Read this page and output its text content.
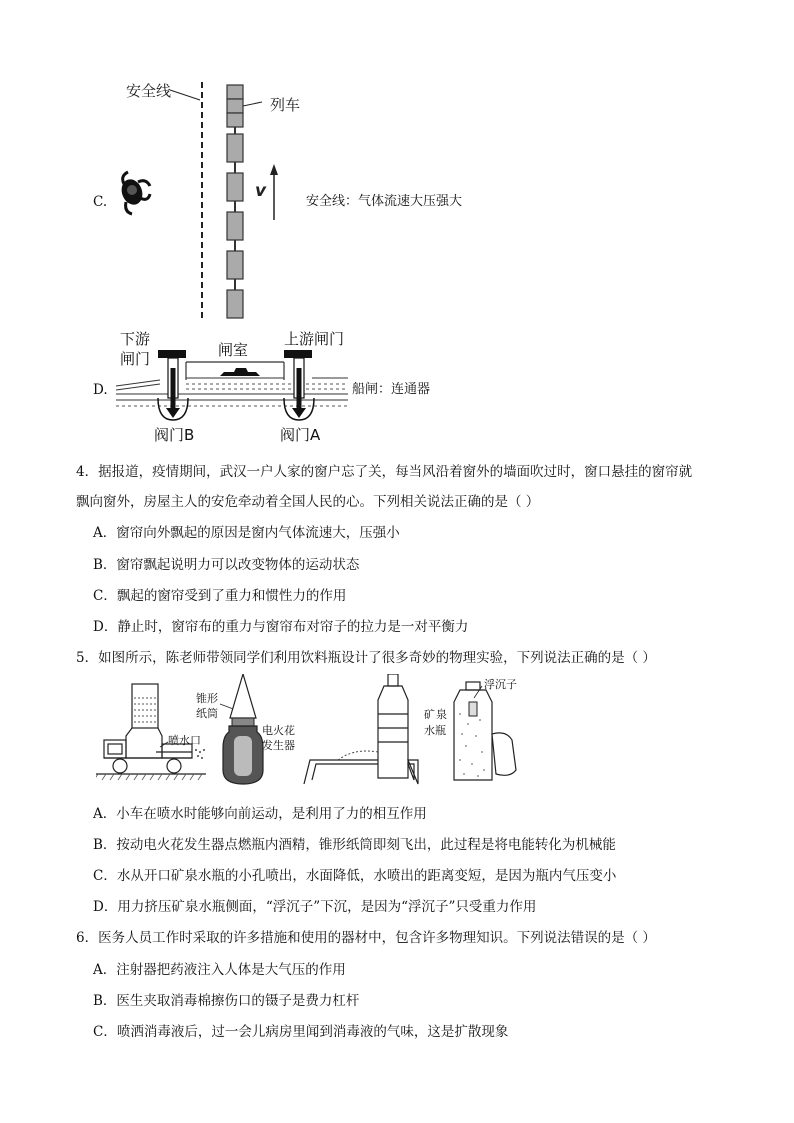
C.
安全线
列车
v
安全线：气体流速大压强大
D.
下游
闸门	闸室
上游闸门
阀门B	阀门A
船闸：连通器
4．据报道，疫情期间，武汉一户人家的窗户忘了关，每当风沿着窗外的墙面吹过时，窗口悬挂的窗帘就
飘向窗外，房屋主人的安危牵动着全国人民的心。下列相关说法正确的是（ ）
A．窗帘向外飘起的原因是窗内气体流速大，压强小
B．窗帘飘起说明力可以改变物体的运动状态
C．飘起的窗帘受到了重力和惯性力的作用
D．静止时，窗帘布的重力与窗帘布对帘子的拉力是一对平衡力
5．如图所示，陈老师带领同学们利用饮料瓶设计了很多奇妙的物理实验，下列说法正确的是（ ）
喷水口
锥形
纸筒
电火花
发生器
浮沉子
矿 泉
水瓶
A．小车在喷水时能够向前运动，是利用了力的相互作用
B．按动电火花发生器点燃瓶内酒精，锥形纸筒即刻飞出，此过程是将电能转化为机械能
C．水从开口矿泉水瓶的小孔喷出，水面降低，水喷出的距离变短，是因为瓶内气压变小
D．用力挤压矿泉水瓶侧面，“浮沉子”下沉，是因为“浮沉子”只受重力作用
6．医务人员工作时采取的许多措施和使用的器材中，包含许多物理知识。下列说法错误的是（ ）
A．注射器把药液注入人体是大气压的作用
B．医生夹取消毒棉擦伤口的镊子是费力杠杆
C．喷洒消毒液后，过一会儿病房里闻到消毒液的气味，这是扩散现象
